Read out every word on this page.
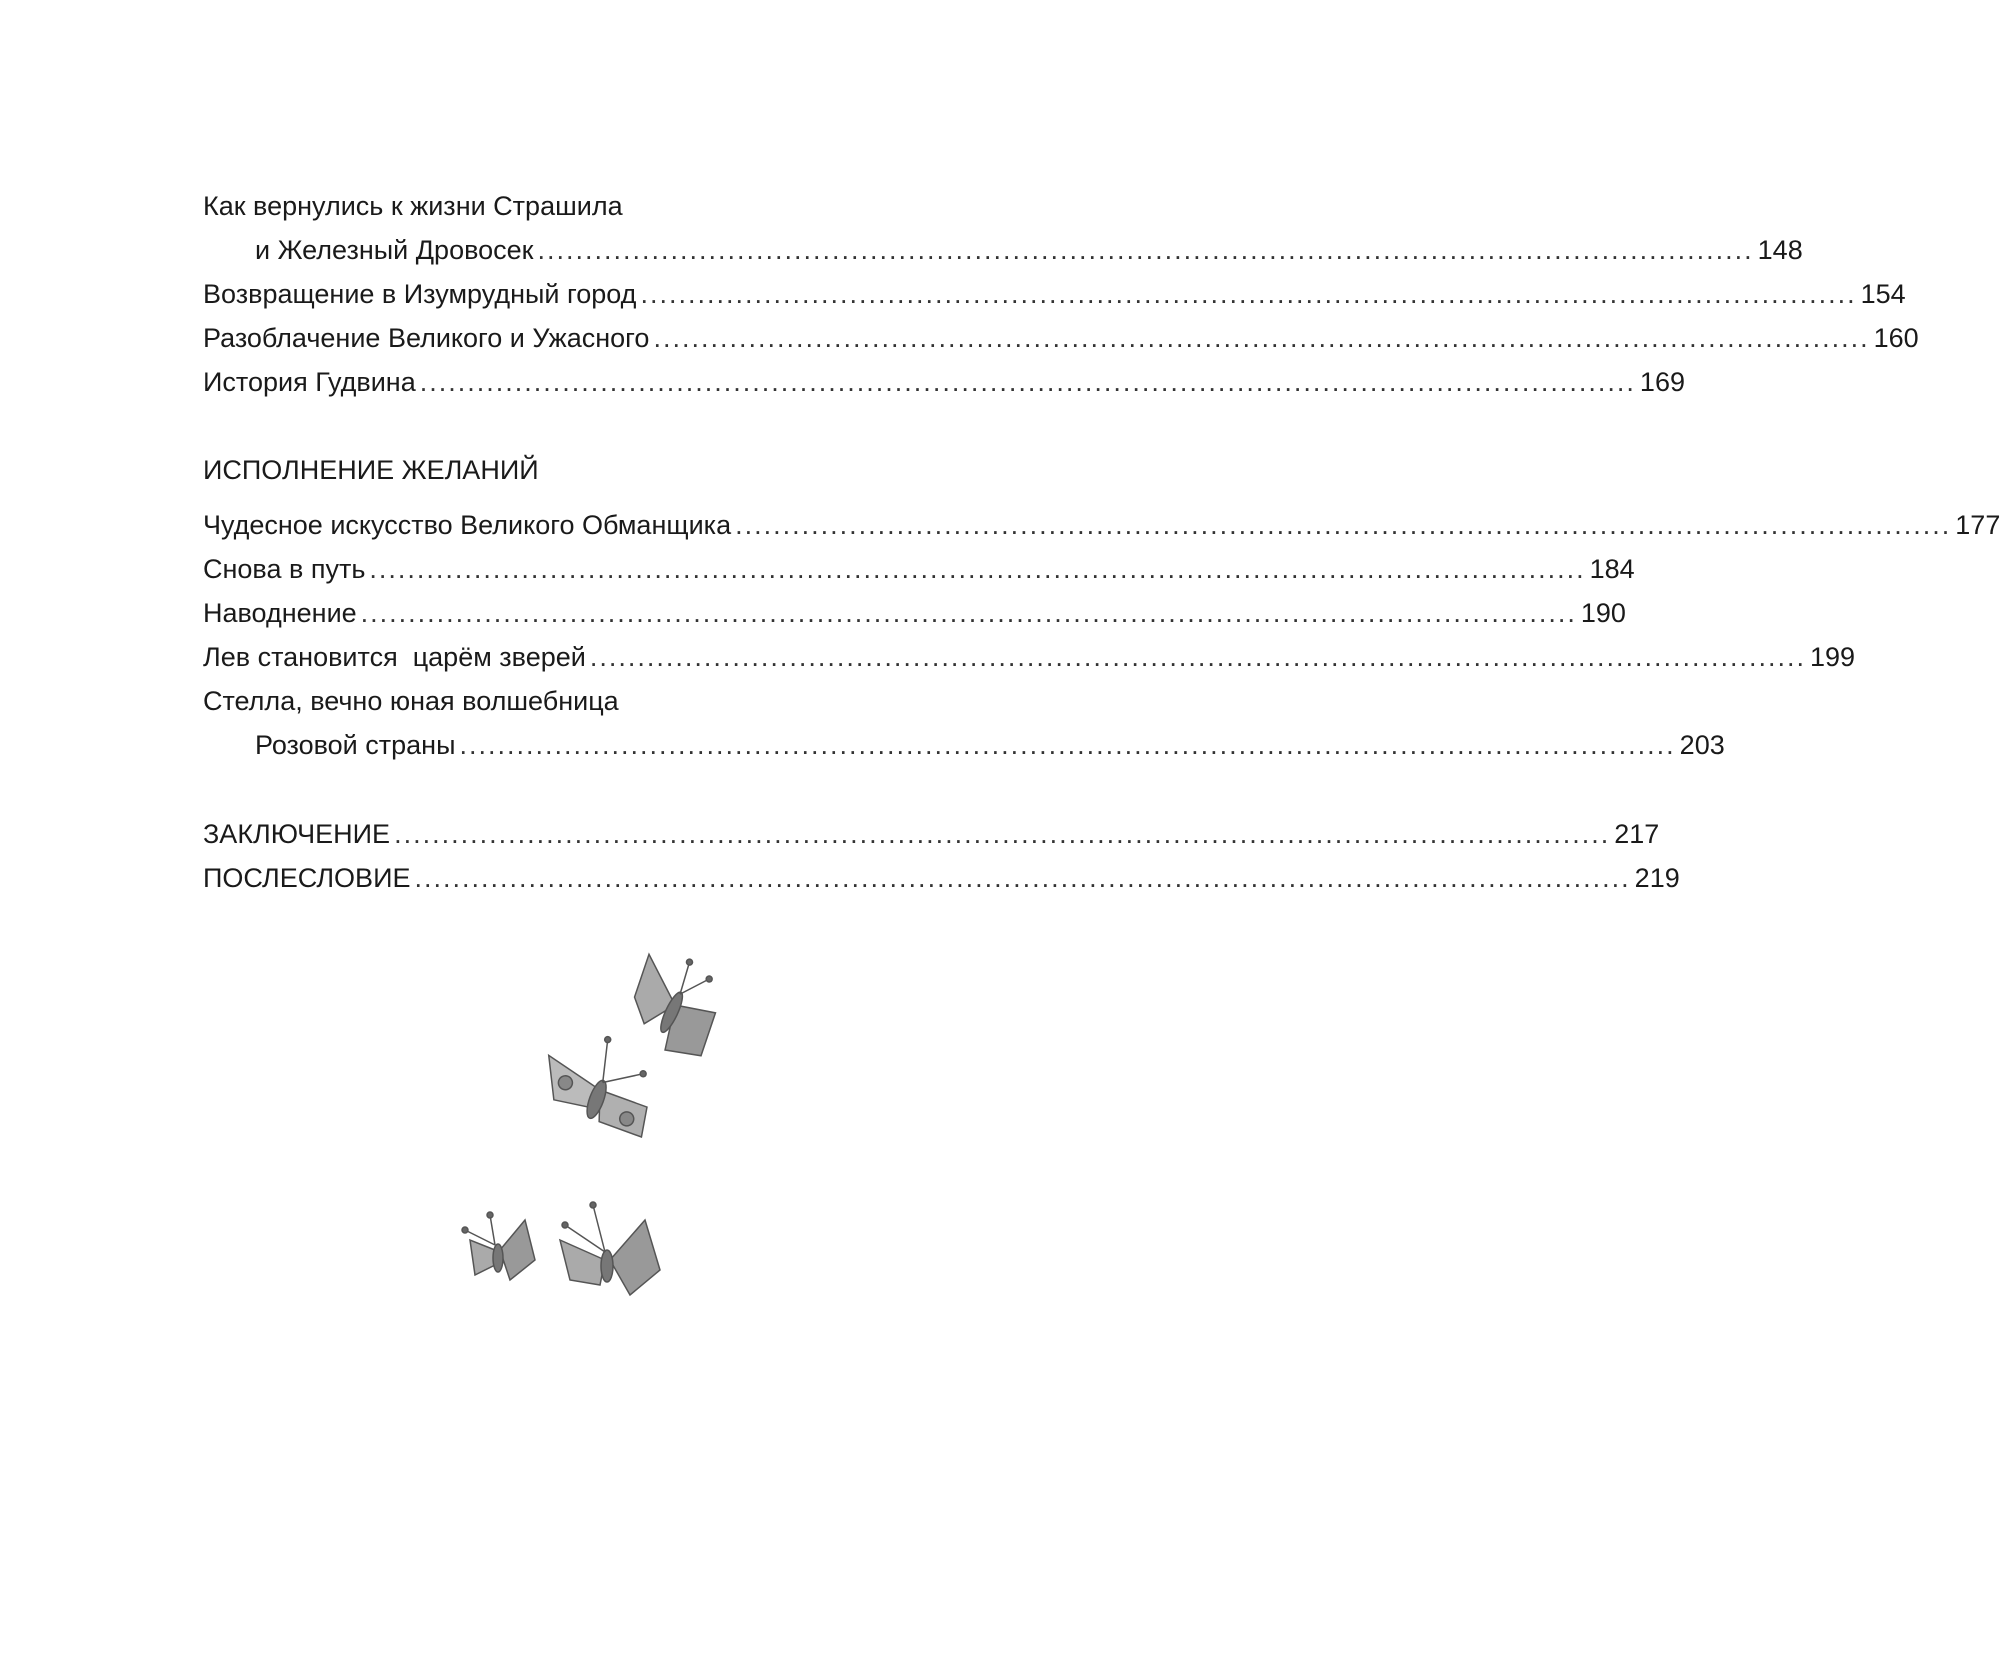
Как вернулись к жизни Страшила
и Железный Дровосек ................................................................................................................................ 148
Возвращение в Изумрудный город ................................................................................................................................ 154
Разоблачение Великого и Ужасного ................................................................................................................................ 160
История Гудвина ................................................................................................................................ 169
ИСПОЛНЕНИЕ ЖЕЛАНИЙ
Чудесное искусство Великого Обманщика ................................................................................................................................ 177
Снова в путь ................................................................................................................................ 184
Наводнение ................................................................................................................................ 190
Лев становится  царём зверей ................................................................................................................................ 199
Стелла, вечно юная волшебница
Розовой страны ................................................................................................................................ 203
ЗАКЛЮЧЕНИЕ ................................................................................................................................ 217
ПОСЛЕСЛОВИЕ ................................................................................................................................ 219
